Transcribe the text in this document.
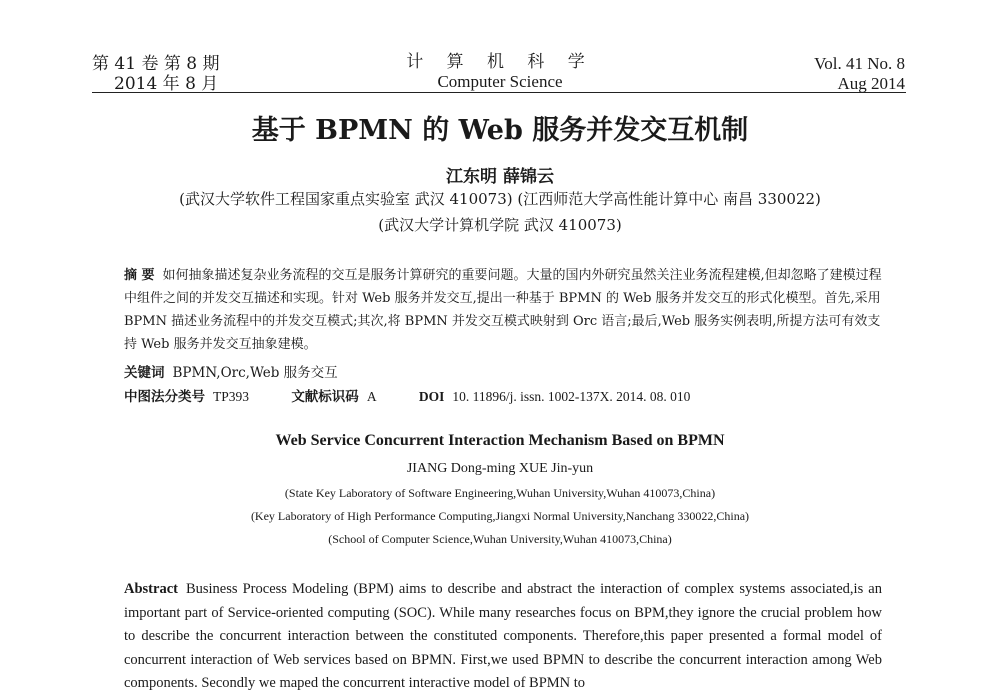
第 41 卷 第 8 期
2014 年 8 月
计 算 机 科 学
Computer Science
Vol. 41 No. 8
Aug 2014
基于 BPMN 的 Web 服务并发交互机制
江东明 薛锦云
(武汉大学软件工程国家重点实验室 武汉 410073) (江西师范大学高性能计算中心 南昌 330022)
(武汉大学计算机学院 武汉 410073)
摘 要 如何抽象描述复杂业务流程的交互是服务计算研究的重要问题。大量的国内外研究虽然关注业务流程建模,但却忽略了建模过程中组件之间的并发交互描述和实现。针对 Web 服务并发交互,提出一种基于 BPMN 的 Web 服务并发交互的形式化模型。首先,采用 BPMN 描述业务流程中的并发交互模式;其次,将 BPMN 并发交互模式映射到 Orc 语言;最后,Web 服务实例表明,所提方法可有效支持 Web 服务并发交互抽象建模。
关键词 BPMN,Orc,Web 服务交互
中图法分类号 TP393	文献标识码 A	DOI 10. 11896/j. issn. 1002-137X. 2014. 08. 010
Web Service Concurrent Interaction Mechanism Based on BPMN
JIANG Dong-ming XUE Jin-yun
(State Key Laboratory of Software Engineering,Wuhan University,Wuhan 410073,China)
(Key Laboratory of High Performance Computing,Jiangxi Normal University,Nanchang 330022,China)
(School of Computer Science,Wuhan University,Wuhan 410073,China)
Abstract Business Process Modeling (BPM) aims to describe and abstract the interaction of complex systems associated,is an important part of Service-oriented computing (SOC). While many researches focus on BPM,they ignore the crucial problem how to describe the concurrent interaction between the constituted components. Therefore,this paper presented a formal model of concurrent interaction of Web services based on BPMN. First,we used BPMN to describe the concurrent interaction among Web components. Secondly we maped the concurrent interactive model of BPMN to
